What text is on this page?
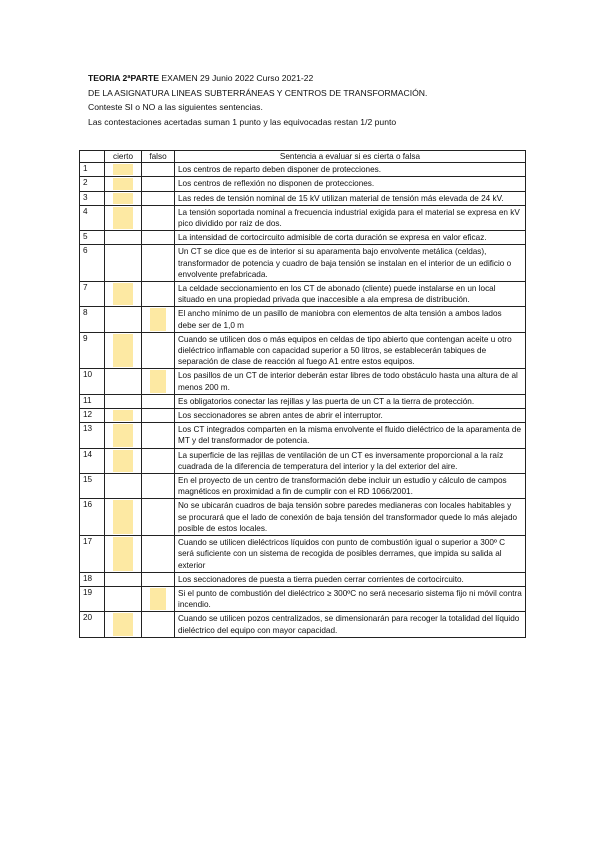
TEORIA 2ªPARTE EXAMEN 29 Junio 2022 Curso 2021-22
DE LA ASIGNATURA LINEAS SUBTERRÁNEAS Y CENTROS DE TRANSFORMACIÓN.
Conteste SI o NO a las siguientes sentencias.
Las contestaciones acertadas suman 1 punto y las equivocadas restan 1/2 punto
	cierto	falso	Sentencia a evaluar si es cierta o falsa
1			Los centros de reparto deben disponer de protecciones.
2			Los centros de reflexión no disponen de protecciones.
3			Las redes de tensión nominal de 15 kV utilizan material de tensión más elevada de 24 kV.
4			La tensión soportada nominal a frecuencia industrial exigida para el material se expresa en kV pico dividido por raiz de dos.
5			La intensidad de cortocircuito admisible de corta duración se expresa en valor eficaz.
6			Un CT se dice que es de interior si su aparamenta bajo envolvente metálica (celdas), transformador de potencia y cuadro de baja tensión se instalan en el interior de un edificio o envolvente prefabricada.
7			La celdade seccionamiento en los CT de abonado (cliente) puede instalarse en un local situado en una propiedad privada que inaccesible a ala empresa de distribución.
8			El ancho mínimo de un pasillo de maniobra con elementos de alta tensión a ambos lados debe ser de 1,0 m
9			Cuando se utilicen dos o más equipos en celdas de tipo abierto que contengan aceite u otro dieléctrico inflamable con capacidad superior a 50 litros, se establecerán tabiques de separación de clase de reacción al fuego A1 entre estos equipos.
10			Los pasillos de un CT de interior deberán estar libres de todo obstáculo hasta una altura de al menos 200 m.
11			Es obligatorios conectar las rejillas y las puerta de un CT a la tierra de protección.
12			Los seccionadores se abren antes de abrir el interruptor.
13			Los CT integrados comparten en la misma envolvente el fluido dieléctrico de la aparamenta de MT y del transformador de potencia.
14			La superficie de las rejillas de ventilación de un CT es inversamente proporcional a la raíz cuadrada de la diferencia de temperatura del interior y la del exterior del aire.
15			En el proyecto de un centro de transformación debe incluir un estudio y cálculo de campos magnéticos en proximidad a fin de cumplir con el RD 1066/2001.
16			No se ubicarán cuadros de baja tensión sobre paredes medianeras con locales habitables y se procurará que el lado de conexión de baja tensión del transformador quede lo más alejado posible de estos locales.
17			Cuando se utilicen dieléctricos líquidos con punto de combustión igual o superior a 300º C será suficiente con un sistema de recogida de posibles derrames, que impida su salida al exterior
18			Los seccionadores de puesta a tierra pueden cerrar corrientes de cortocircuito.
19			Si el punto de combustión del dieléctrico ≥ 300ºC no será necesario sistema fijo ni móvil contra incendio.
20			Cuando se utilicen pozos centralizados, se dimensionarán para recoger la totalidad del líquido dieléctrico del equipo con mayor capacidad.
